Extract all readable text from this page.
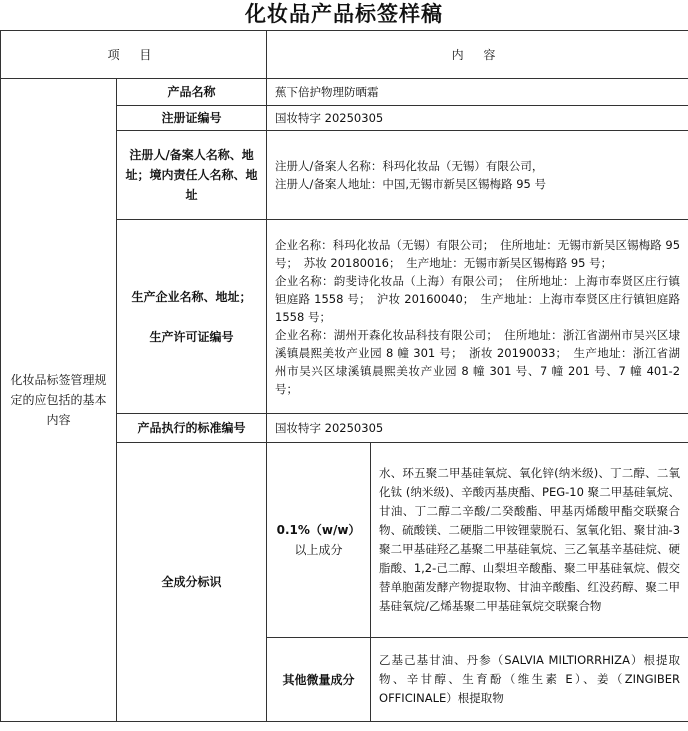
化妆品产品标签样稿
项 目		内 容	
化妆品标签管理规定的应包括的基本内容	产品名称	蕉下倍护物理防晒霜	
	注册证编号	国妆特字 20250305	
	注册人/备案人名称、地址；境内责任人名称、地址	注册人/备案人名称：科玛化妆品（无锡）有限公司，
注册人/备案人地址：中国,无锡市新吴区锡梅路 95 号	

	生产企业名称、地址；
生产许可证编号	企业名称：科玛化妆品（无锡）有限公司；　住所地址：无锡市新吴区锡梅路 95 号；　苏妆 20180016；　生产地址：无锡市新吴区锡梅路 95 号；
企业名称：韵斐诗化妆品（上海）有限公司；　住所地址：上海市奉贤区庄行镇钽庭路 1558 号；　沪妆 20160040；　生产地址：上海市奉贤区庄行镇钽庭路 1558 号；
企业名称：湖州开森化妆品科技有限公司；　住所地址：浙江省湖州市吴兴区埭溪镇晨熙美妆产业园 8 幢 301 号；　浙妆 20190033；　生产地址：浙江省湖州市吴兴区埭溪镇晨熙美妆产业园 8 幢 301 号、7 幢 201 号、7 幢 401-2 号；	

	产品执行的标准编号	国妆特字 20250305	
	全成分标识	0.1%（w/w）
以上成分	水、环五聚二甲基硅氧烷、氧化锌(纳米级)、丁二醇、二氧化钛 (纳米级)、辛酸丙基庚酯、PEG-10 聚二甲基硅氧烷、甘油、丁二醇二辛酸/二癸酸酯、甲基丙烯酸甲酯交联聚合物、硫酸镁、二硬脂二甲铵锂蒙脱石、氢氧化铝、聚甘油-3 聚二甲基硅羟乙基聚二甲基硅氧烷、三乙氧基辛基硅烷、硬脂酸、1,2-己二醇、山梨坦辛酸酯、聚二甲基硅氧烷、假交替单胞菌发酵产物提取物、甘油辛酸酯、红没药醇、聚二甲基硅氧烷/乙烯基聚二甲基硅氧烷交联聚合物
		其他微量成分	乙基己基甘油、丹参（SALVIA MILTIORRHIZA）根提取物、辛甘醇、生育酚（维生素 E）、姜（ZINGIBER OFFICINALE）根提取物
